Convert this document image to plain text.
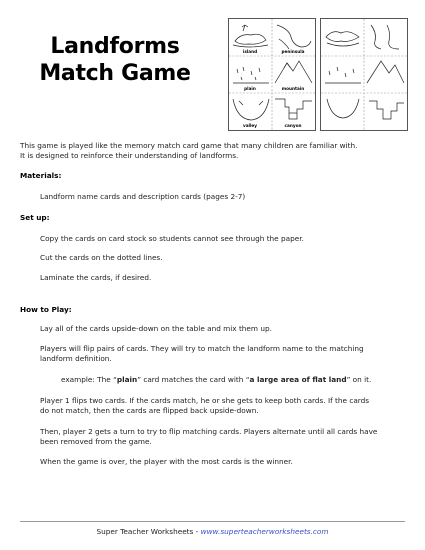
Landforms
Match Game
island	peninsula
plain	mountain
valley	canyon
This game is played like the memory match card game that many children are familiar with.
It is designed to reinforce their understanding of landforms.
Materials:
Landform name cards and description cards (pages 2-7)
Set up:
Copy the cards on card stock so students cannot see through the paper.
Cut the cards on the dotted lines.
Laminate the cards, if desired.
How to Play:
Lay all of the cards upside-down on the table and mix them up.
Players will flip pairs of cards. They will try to match the landform name to the matching
landform definition.
example: The “plain” card matches the card with “a large area of flat land” on it.
Player 1 flips two cards. If the cards match, he or she gets to keep both cards. If the cards
do not match, then the cards are flipped back upside-down.
Then, player 2 gets a turn to try to flip matching cards. Players alternate until all cards have
been removed from the game.
When the game is over, the player with the most cards is the winner.
Super Teacher Worksheets - www.superteacherworksheets.com
